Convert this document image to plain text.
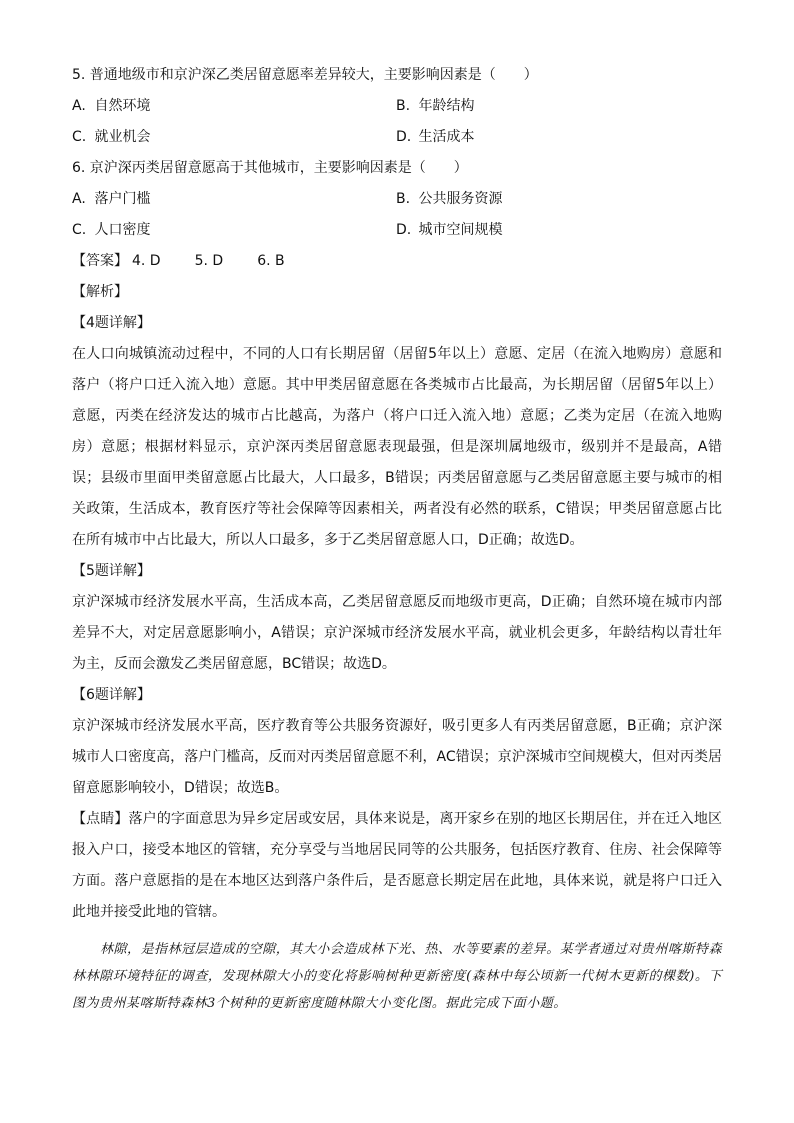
5. 普通地级市和京沪深乙类居留意愿率差异较大，主要影响因素是（　　）
A. 自然环境	B. 年龄结构
C. 就业机会	D. 生活成本
6. 京沪深丙类居留意愿高于其他城市，主要影响因素是（　　）
A. 落户门槛	B. 公共服务资源
C. 人口密度	D. 城市空间规模
【答案】 4. D 5. D 6. B
【解析】
【4题详解】
在人口向城镇流动过程中，不同的人口有长期居留（居留5年以上）意愿、定居（在流入地购房）意愿和落户（将户口迁入流入地）意愿。其中甲类居留意愿在各类城市占比最高，为长期居留（居留5年以上）意愿，丙类在经济发达的城市占比越高，为落户（将户口迁入流入地）意愿；乙类为定居（在流入地购房）意愿；根据材料显示，京沪深丙类居留意愿表现最强，但是深圳属地级市，级别并不是最高，A错误；县级市里面甲类留意愿占比最大，人口最多，B错误；丙类居留意愿与乙类居留意愿主要与城市的相关政策，生活成本，教育医疗等社会保障等因素相关，两者没有必然的联系，C错误；甲类居留意愿占比在所有城市中占比最大，所以人口最多，多于乙类居留意愿人口，D正确；故选D。
【5题详解】
京沪深城市经济发展水平高，生活成本高，乙类居留意愿反而地级市更高，D正确；自然环境在城市内部差异不大，对定居意愿影响小，A错误；京沪深城市经济发展水平高，就业机会更多，年龄结构以青壮年为主，反而会激发乙类居留意愿，BC错误；故选D。
【6题详解】
京沪深城市经济发展水平高，医疗教育等公共服务资源好，吸引更多人有丙类居留意愿，B正确；京沪深城市人口密度高，落户门槛高，反而对丙类居留意愿不利，AC错误；京沪深城市空间规模大，但对丙类居留意愿影响较小，D错误；故选B。
【点睛】落户的字面意思为异乡定居或安居，具体来说是，离开家乡在别的地区长期居住，并在迁入地区报入户口，接受本地区的管辖，充分享受与当地居民同等的公共服务，包括医疗教育、住房、社会保障等方面。落户意愿指的是在本地区达到落户条件后，是否愿意长期定居在此地，具体来说，就是将户口迁入此地并接受此地的管辖。
林隙，是指林冠层造成的空隙，其大小会造成林下光、热、水等要素的差异。某学者通过对贵州喀斯特森林林隙环境特征的调查，发现林隙大小的变化将影响树种更新密度(森林中每公顷新一代树木更新的棵数)。下图为贵州某喀斯特森林3个树种的更新密度随林隙大小变化图。据此完成下面小题。
